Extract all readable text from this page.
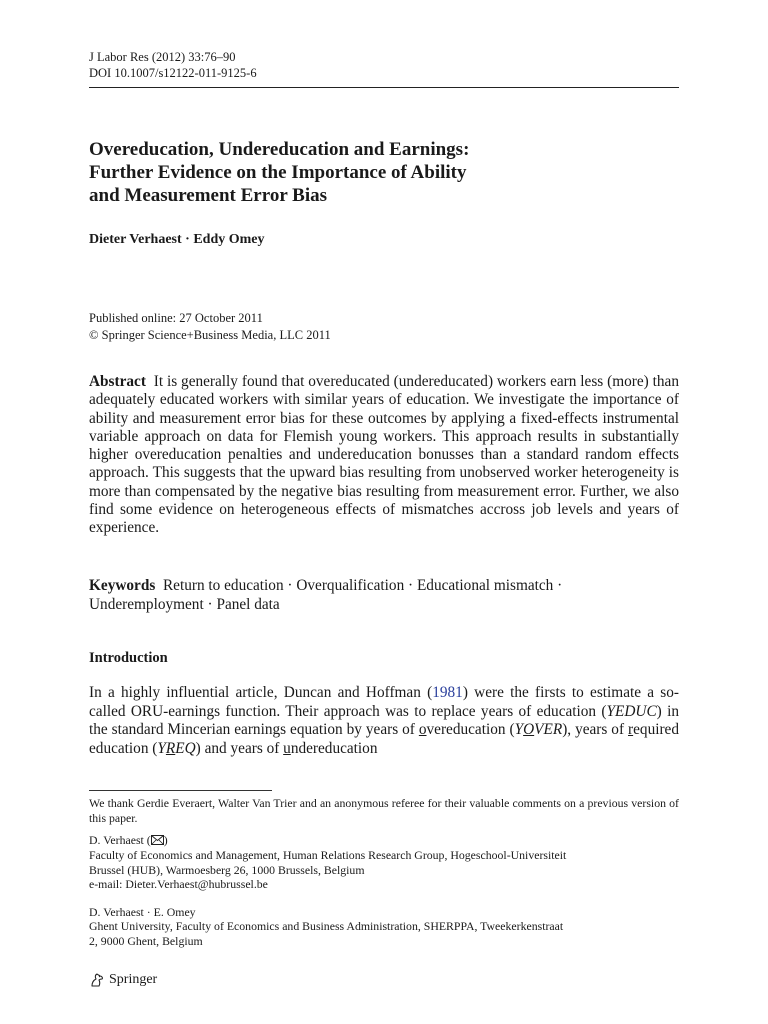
J Labor Res (2012) 33:76–90
DOI 10.1007/s12122-011-9125-6
Overeducation, Undereducation and Earnings:
Further Evidence on the Importance of Ability
and Measurement Error Bias
Dieter Verhaest · Eddy Omey
Published online: 27 October 2011
© Springer Science+Business Media, LLC 2011
Abstract It is generally found that overeducated (undereducated) workers earn less (more) than adequately educated workers with similar years of education. We investigate the importance of ability and measurement error bias for these outcomes by applying a fixed-effects instrumental variable approach on data for Flemish young workers. This approach results in substantially higher overeducation penalties and undereducation bonusses than a standard random effects approach. This suggests that the upward bias resulting from unobserved worker heterogeneity is more than compensated by the negative bias resulting from measurement error. Further, we also find some evidence on heterogeneous effects of mismatches accross job levels and years of experience.
Keywords Return to education · Overqualification · Educational mismatch · Underemployment · Panel data
Introduction
In a highly influential article, Duncan and Hoffman (1981) were the firsts to estimate a so-called ORU-earnings function. Their approach was to replace years of education (YEDUC) in the standard Mincerian earnings equation by years of overeducation (YOVER), years of required education (YREQ) and years of undereducation
We thank Gerdie Everaert, Walter Van Trier and an anonymous referee for their valuable comments on a previous version of this paper.
D. Verhaest ( )
Faculty of Economics and Management, Human Relations Research Group, Hogeschool-Universiteit
Brussel (HUB), Warmoesberg 26, 1000 Brussels, Belgium
e-mail: Dieter.Verhaest@hubrussel.be
D. Verhaest · E. Omey
Ghent University, Faculty of Economics and Business Administration, SHERPPA, Tweekerkenstraat
2, 9000 Ghent, Belgium
Springer
